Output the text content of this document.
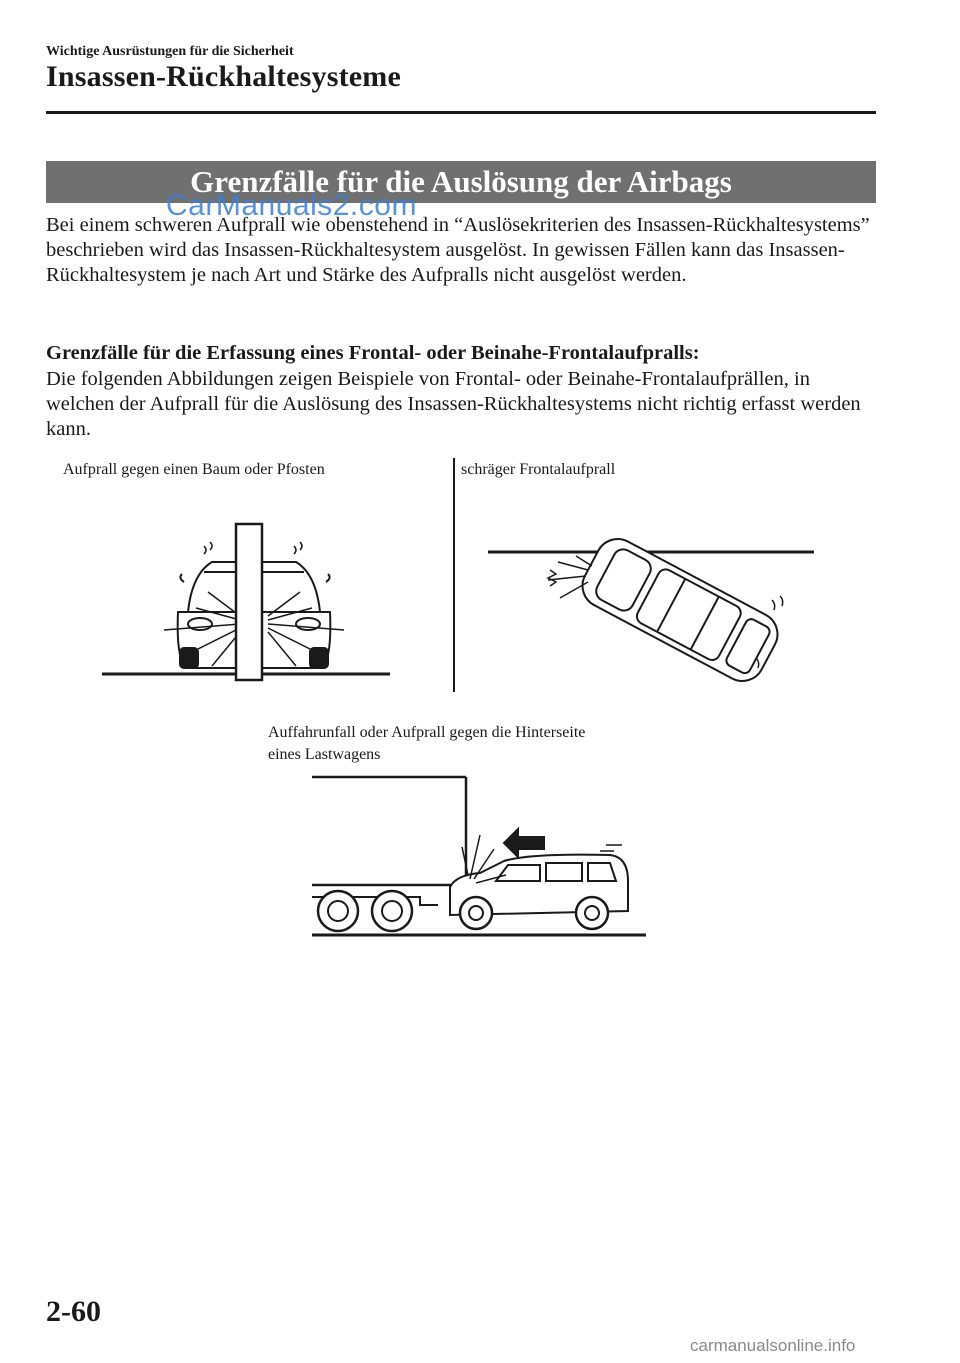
Wichtige Ausrüstungen für die Sicherheit
Insassen-Rückhaltesysteme
Grenzfälle für die Auslösung der Airbags
CarManuals2.com
Bei einem schweren Aufprall wie obenstehend in “Auslösekriterien des Insassen-Rückhaltesystems” beschrieben wird das Insassen-Rückhaltesystem ausgelöst. In gewissen Fällen kann das Insassen-Rückhaltesystem je nach Art und Stärke des Aufpralls nicht ausgelöst werden.
Grenzfälle für die Erfassung eines Frontal- oder Beinahe-Frontalaufpralls:
Die folgenden Abbildungen zeigen Beispiele von Frontal- oder Beinahe-Frontalaufprällen, in welchen der Aufprall für die Auslösung des Insassen-Rückhaltesystems nicht richtig erfasst werden kann.
Aufprall gegen einen Baum oder Pfosten	schräger Frontalaufprall
Auffahrunfall oder Aufprall gegen die Hinterseite eines Lastwagens
2-60
carmanualsonline.info
